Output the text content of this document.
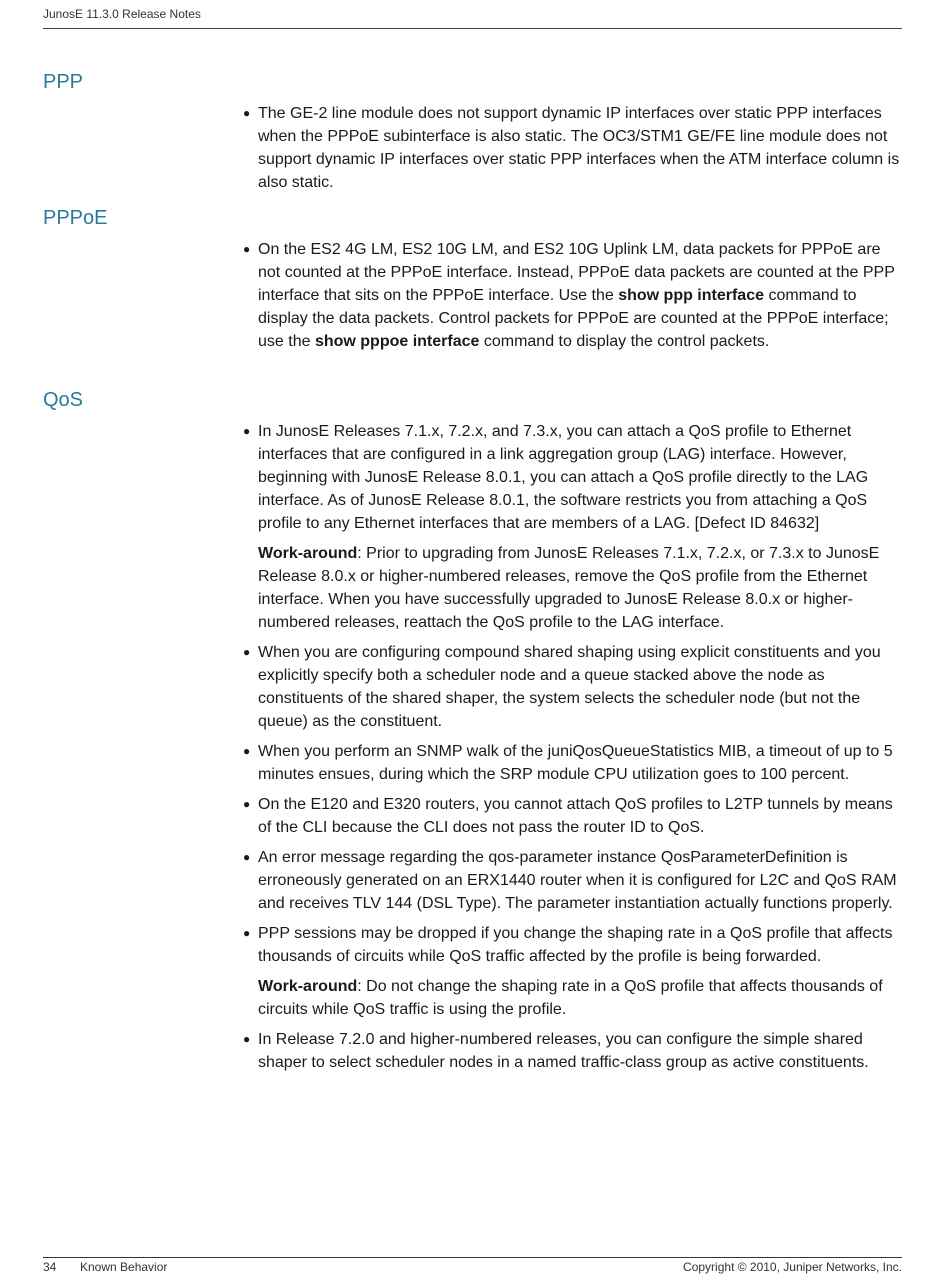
JunosE 11.3.0 Release Notes
PPP
● The GE-2 line module does not support dynamic IP interfaces over static PPP interfaces when the PPPoE subinterface is also static. The OC3/STM1 GE/FE line module does not support dynamic IP interfaces over static PPP interfaces when the ATM interface column is also static.

PPPoE
● On the ES2 4G LM, ES2 10G LM, and ES2 10G Uplink LM, data packets for PPPoE are not counted at the PPPoE interface. Instead, PPPoE data packets are counted at the PPP interface that sits on the PPPoE interface. Use the show ppp interface command to display the data packets. Control packets for PPPoE are counted at the PPPoE interface; use the show pppoe interface command to display the control packets.

QoS
● In JunosE Releases 7.1.x, 7.2.x, and 7.3.x, you can attach a QoS profile to Ethernet interfaces that are configured in a link aggregation group (LAG) interface. However, beginning with JunosE Release 8.0.1, you can attach a QoS profile directly to the LAG interface. As of JunosE Release 8.0.1, the software restricts you from attaching a QoS profile to any Ethernet interfaces that are members of a LAG. [Defect ID 84632]

Work-around: Prior to upgrading from JunosE Releases 7.1.x, 7.2.x, or 7.3.x to JunosE Release 8.0.x or higher-numbered releases, remove the QoS profile from the Ethernet interface. When you have successfully upgraded to JunosE Release 8.0.x or higher-numbered releases, reattach the QoS profile to the LAG interface.

● When you are configuring compound shared shaping using explicit constituents and you explicitly specify both a scheduler node and a queue stacked above the node as constituents of the shared shaper, the system selects the scheduler node (but not the queue) as the constituent.

● When you perform an SNMP walk of the juniQosQueueStatistics MIB, a timeout of up to 5 minutes ensues, during which the SRP module CPU utilization goes to 100 percent.

● On the E120 and E320 routers, you cannot attach QoS profiles to L2TP tunnels by means of the CLI because the CLI does not pass the router ID to QoS.

● An error message regarding the qos-parameter instance QosParameterDefinition is erroneously generated on an ERX1440 router when it is configured for L2C and QoS RAM and receives TLV 144 (DSL Type). The parameter instantiation actually functions properly.

● PPP sessions may be dropped if you change the shaping rate in a QoS profile that affects thousands of circuits while QoS traffic affected by the profile is being forwarded.

Work-around: Do not change the shaping rate in a QoS profile that affects thousands of circuits while QoS traffic is using the profile.

● In Release 7.2.0 and higher-numbered releases, you can configure the simple shared shaper to select scheduler nodes in a named traffic-class group as active constituents.

34 Known Behavior	Copyright © 2010, Juniper Networks, Inc.
